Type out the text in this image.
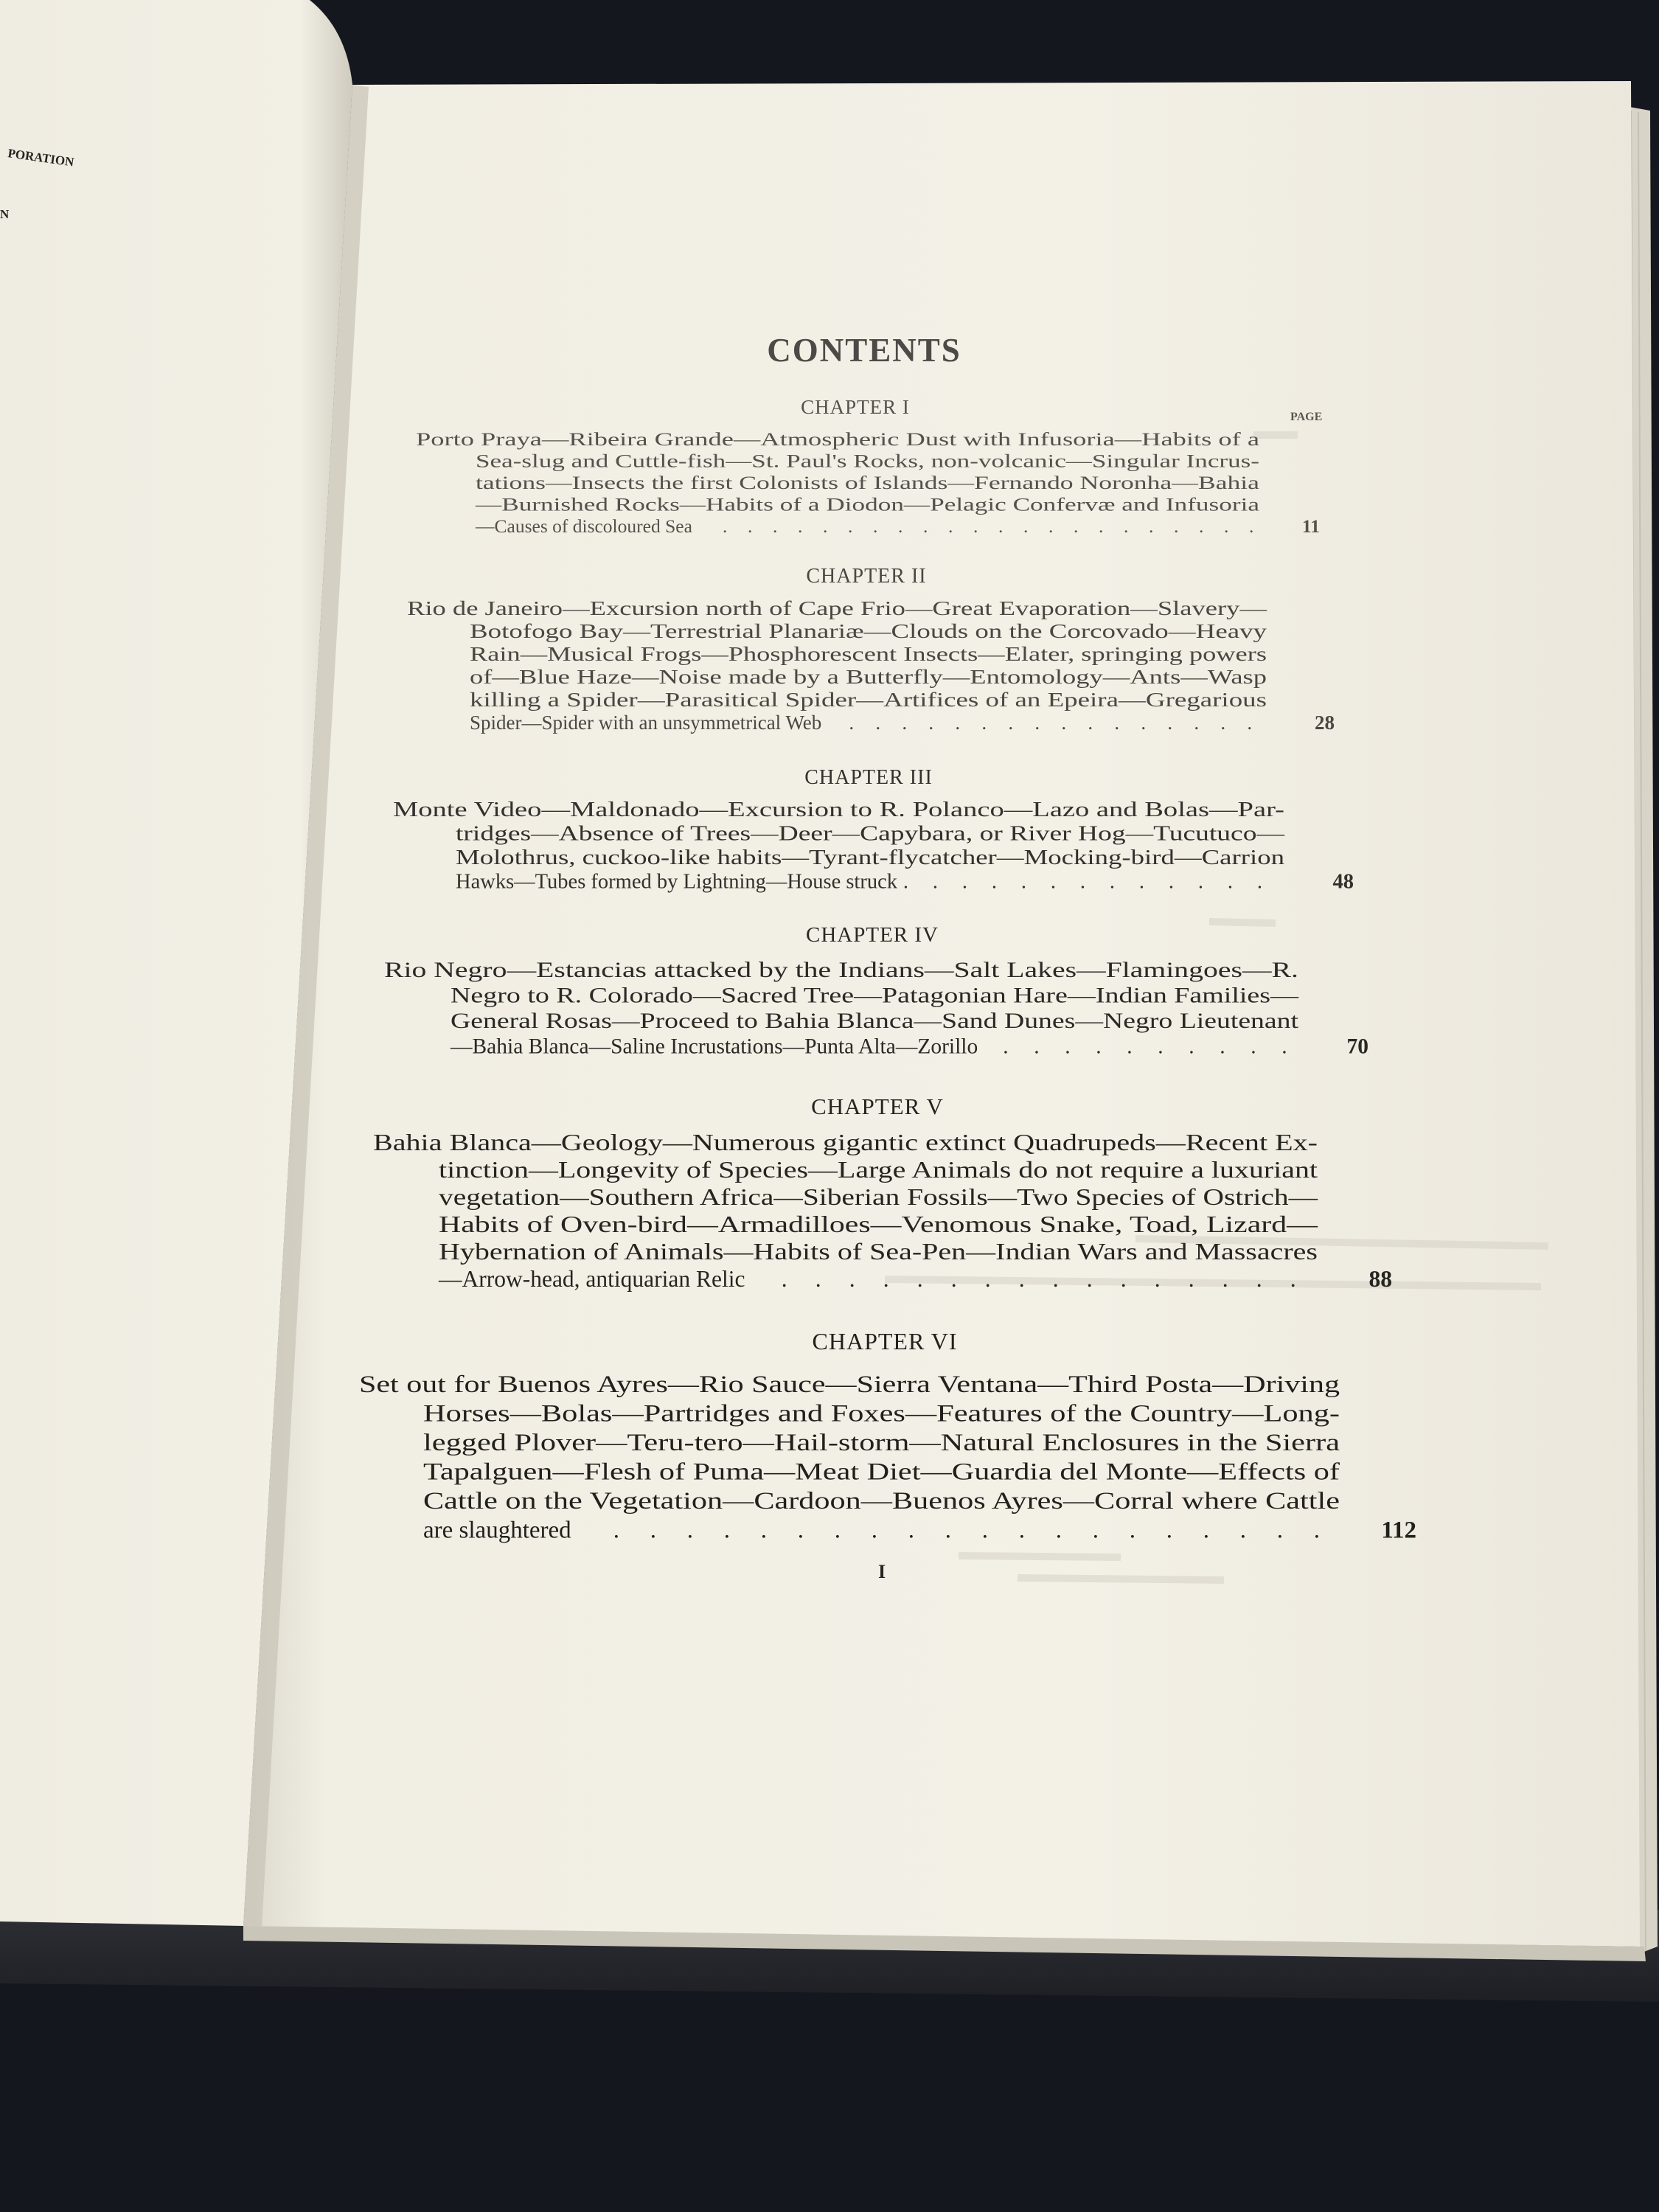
PORATION
N
CONTENTS
PAGE
CHAPTER I
Porto Praya—Ribeira Grande—Atmospheric Dust with Infusoria—Habits of a
Sea-slug and Cuttle-fish—St. Paul's Rocks, non-volcanic—Singular Incrus-
tations—Insects the first Colonists of Islands—Fernando Noronha—Bahia
—Burnished Rocks—Habits of a Diodon—Pelagic Confervæ and Infusoria
—Causes of discoloured Sea . . . . . . . . . . . . . . . . . . . . . .	11
CHAPTER II
Rio de Janeiro—Excursion north of Cape Frio—Great Evaporation—Slavery—
Botofogo Bay—Terrestrial Planariæ—Clouds on the Corcovado—Heavy
Rain—Musical Frogs—Phosphorescent Insects—Elater, springing powers
of—Blue Haze—Noise made by a Butterfly—Entomology—Ants—Wasp
killing a Spider—Parasitical Spider—Artifices of an Epeira—Gregarious
Spider—Spider with an unsymmetrical Web . . . . . . . . . . . . . . . .	28
CHAPTER III
Monte Video—Maldonado—Excursion to R. Polanco—Lazo and Bolas—Par-
tridges—Absence of Trees—Deer—Capybara, or River Hog—Tucutuco—
Molothrus, cuckoo-like habits—Tyrant-flycatcher—Mocking-bird—Carrion
Hawks—Tubes formed by Lightning—House struck . . . . . . . . . . . . .	48
CHAPTER IV
Rio Negro—Estancias attacked by the Indians—Salt Lakes—Flamingoes—R.
Negro to R. Colorado—Sacred Tree—Patagonian Hare—Indian Families—
General Rosas—Proceed to Bahia Blanca—Sand Dunes—Negro Lieutenant
—Bahia Blanca—Saline Incrustations—Punta Alta—Zorillo . . . . . . . . . .	70
CHAPTER V
Bahia Blanca—Geology—Numerous gigantic extinct Quadrupeds—Recent Ex-
tinction—Longevity of Species—Large Animals do not require a luxuriant
vegetation—Southern Africa—Siberian Fossils—Two Species of Ostrich—
Habits of Oven-bird—Armadilloes—Venomous Snake, Toad, Lizard—
Hybernation of Animals—Habits of Sea-Pen—Indian Wars and Massacres
—Arrow-head, antiquarian Relic . . . . . . . . . . . . . . . .	88
CHAPTER VI
Set out for Buenos Ayres—Rio Sauce—Sierra Ventana—Third Posta—Driving
Horses—Bolas—Partridges and Foxes—Features of the Country—Long-
legged Plover—Teru-tero—Hail-storm—Natural Enclosures in the Sierra
Tapalguen—Flesh of Puma—Meat Diet—Guardia del Monte—Effects of
Cattle on the Vegetation—Cardoon—Buenos Ayres—Corral where Cattle
are slaughtered . . . . . . . . . . . . . . . . . . . .	112
I
